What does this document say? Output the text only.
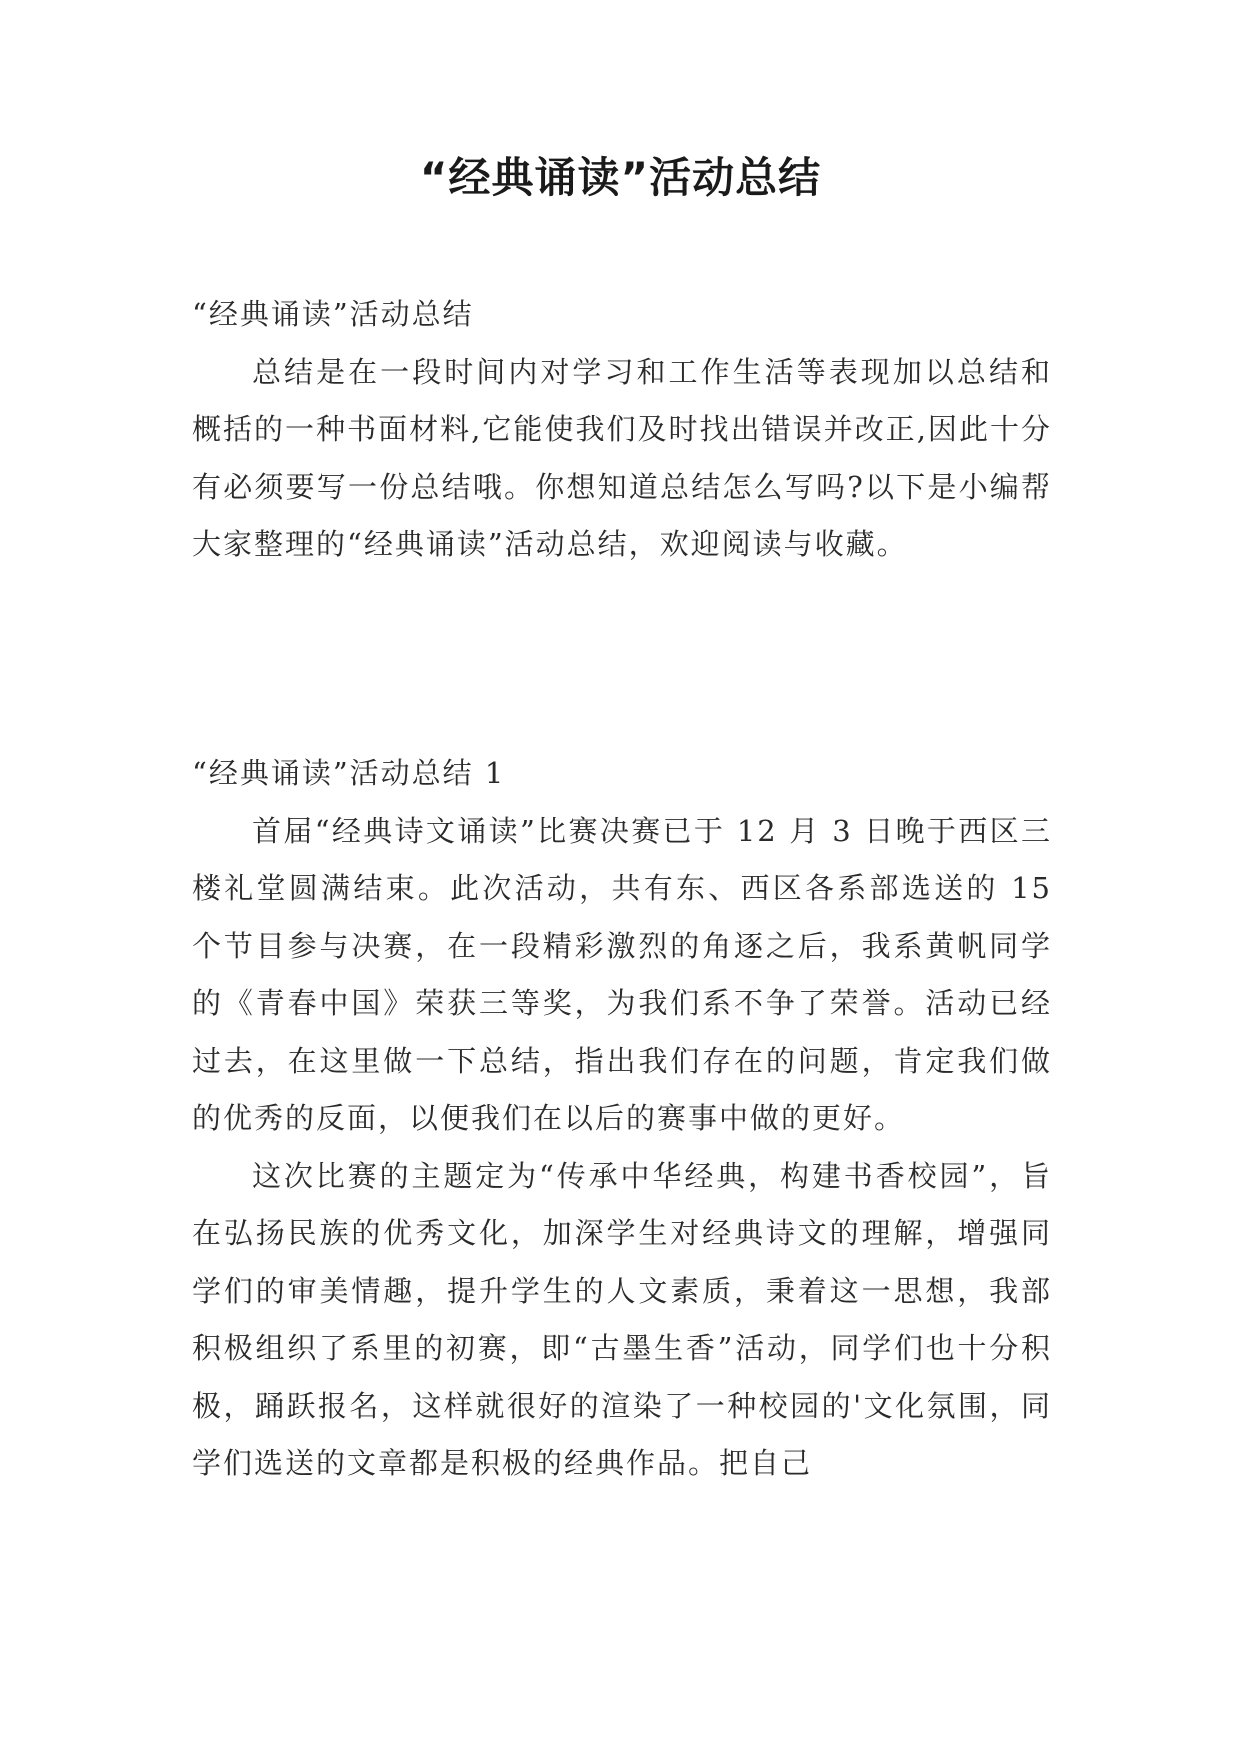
“经典诵读”活动总结

“经典诵读”活动总结

总结是在一段时间内对学习和工作生活等表现加以总结和概括的一种书面材料,它能使我们及时找出错误并改正,因此十分有必须要写一份总结哦。你想知道总结怎么写吗?以下是小编帮大家整理的“经典诵读”活动总结，欢迎阅读与收藏。

“经典诵读”活动总结 1

首届“经典诗文诵读”比赛决赛已于 12 月 3 日晚于西区三楼礼堂圆满结束。此次活动，共有东、西区各系部选送的 15 个节目参与决赛，在一段精彩激烈的角逐之后，我系黄帆同学的《青春中国》荣获三等奖，为我们系不争了荣誉。活动已经过去，在这里做一下总结，指出我们存在的问题，肯定我们做的优秀的反面，以便我们在以后的赛事中做的更好。

这次比赛的主题定为“传承中华经典，构建书香校园”，旨在弘扬民族的优秀文化，加深学生对经典诗文的理解，增强同学们的审美情趣，提升学生的人文素质，秉着这一思想，我部积极组织了系里的初赛，即“古墨生香”活动，同学们也十分积极，踊跃报名，这样就很好的渲染了一种校园的'文化氛围，同学们选送的文章都是积极的经典作品。把自己
